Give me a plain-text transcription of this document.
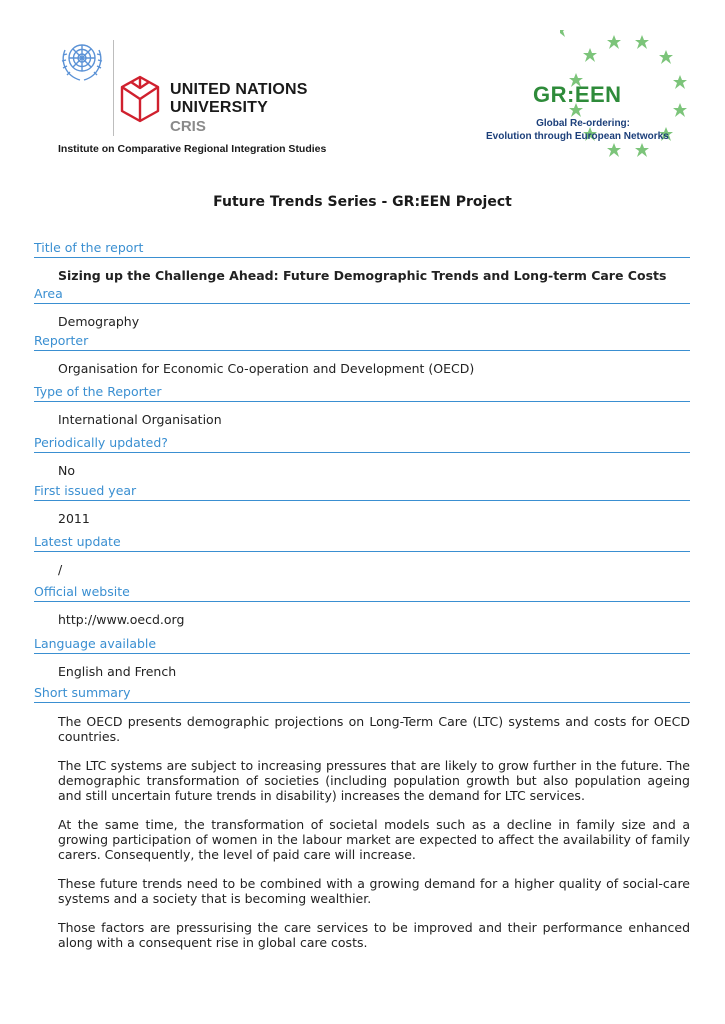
UNITED NATIONS
UNIVERSITY
CRIS
Institute on Comparative Regional Integration Studies
GR:EEN
Global Re-ordering:
Evolution through European Networks
Future Trends Series - GR:EEN Project
Title of the report
Sizing up the Challenge Ahead: Future Demographic Trends and Long-term Care Costs
Area
Demography
Reporter
Organisation for Economic Co-operation and Development (OECD)
Type of the Reporter
International Organisation
Periodically updated?
No
First issued year
2011
Latest update
/
Official website
http://www.oecd.org
Language available
English and French
Short summary

The OECD presents demographic projections on Long-Term Care (LTC) systems and costs for OECD countries.

The LTC systems are subject to increasing pressures that are likely to grow further in the future. The demographic transformation of societies (including population growth but also population ageing and still uncertain future trends in disability) increases the demand for LTC services.

At the same time, the transformation of societal models such as a decline in family size and a growing participation of women in the labour market are expected to affect the availability of family carers. Consequently, the level of paid care will increase.

These future trends need to be combined with a growing demand for a higher quality of social-care systems and a society that is becoming wealthier.

Those factors are pressurising the care services to be improved and their performance enhanced along with a consequent rise in global care costs.
